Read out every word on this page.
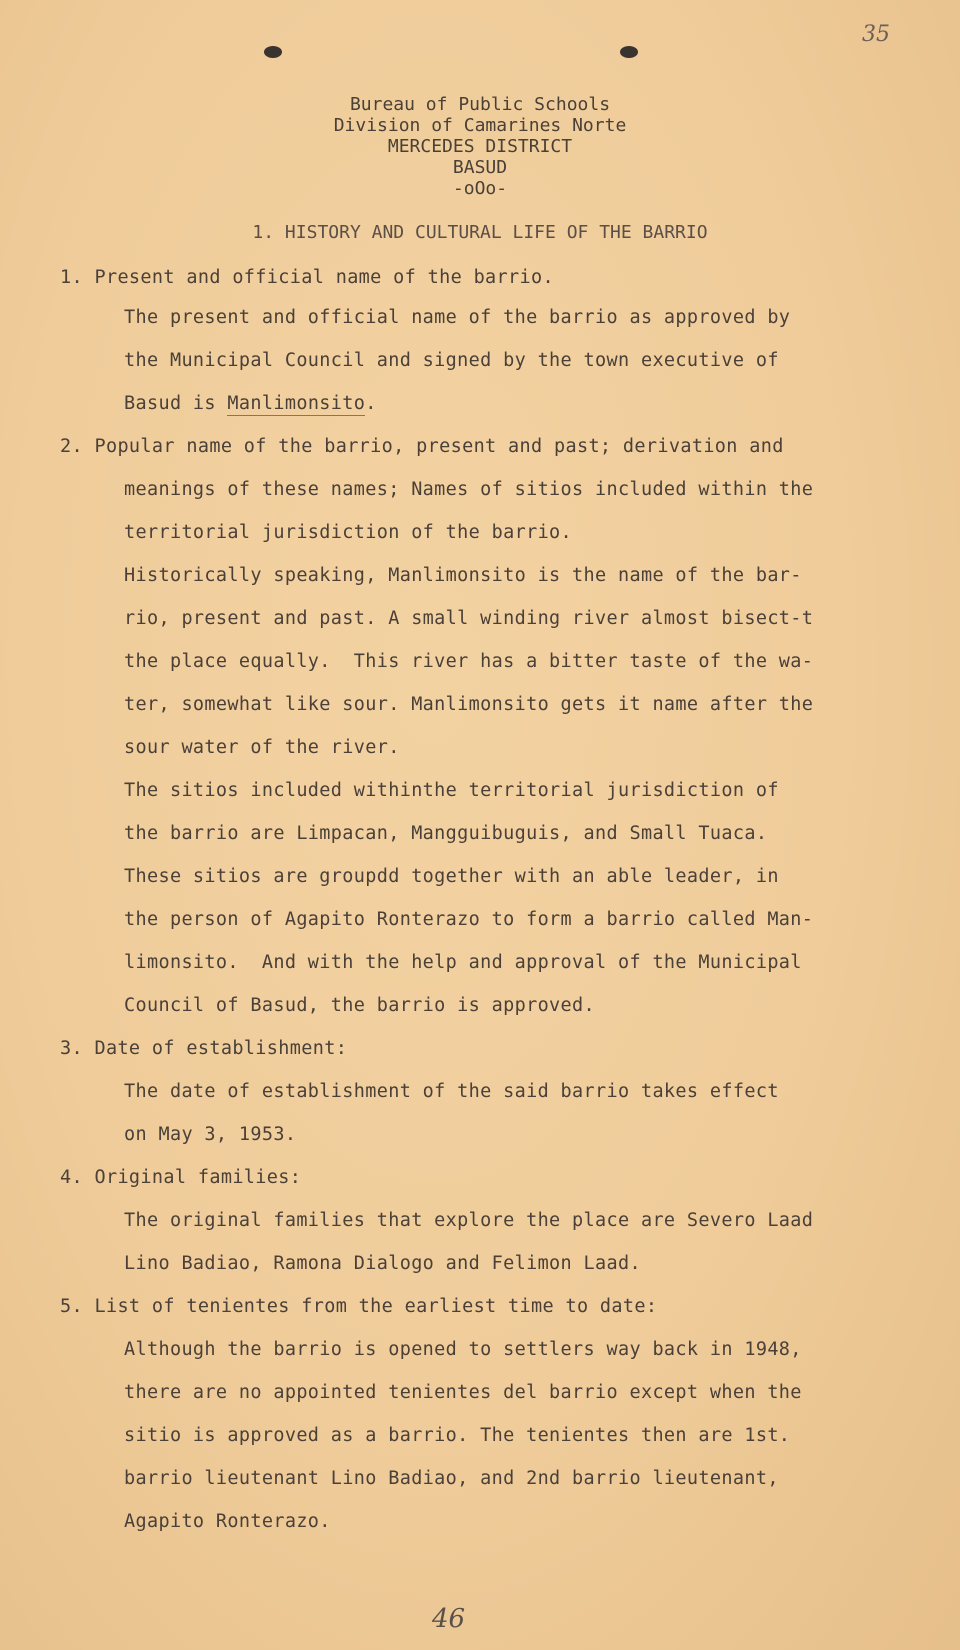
35
Bureau of Public Schools
Division of Camarines Norte
MERCEDES DISTRICT
BASUD
-oOo-
1. HISTORY AND CULTURAL LIFE OF THE BARRIO
1. Present and official name of the barrio.
The present and official name of the barrio as approved by
the Municipal Council and signed by the town executive of
Basud is Manlimonsito.
2. Popular name of the barrio, present and past; derivation and
meanings of these names; Names of sitios included within the
territorial jurisdiction of the barrio.
Historically speaking, Manlimonsito is the name of the bar-
rio, present and past. A small winding river almost bisect-t
the place equally.  This river has a bitter taste of the wa-
ter, somewhat like sour. Manlimonsito gets it name after the
sour water of the river.
The sitios included withinthe territorial jurisdiction of
the barrio are Limpacan, Mangguibuguis, and Small Tuaca.
These sitios are groupdd together with an able leader, in
the person of Agapito Ronterazo to form a barrio called Man-
limonsito.  And with the help and approval of the Municipal
Council of Basud, the barrio is approved.
3. Date of establishment:
The date of establishment of the said barrio takes effect
on May 3, 1953.
4. Original families:
The original families that explore the place are Severo Laad
Lino Badiao, Ramona Dialogo and Felimon Laad.
5. List of tenientes from the earliest time to date:
Although the barrio is opened to settlers way back in 1948,
there are no appointed tenientes del barrio except when the
sitio is approved as a barrio. The tenientes then are 1st.
barrio lieutenant Lino Badiao, and 2nd barrio lieutenant,
Agapito Ronterazo.
46
